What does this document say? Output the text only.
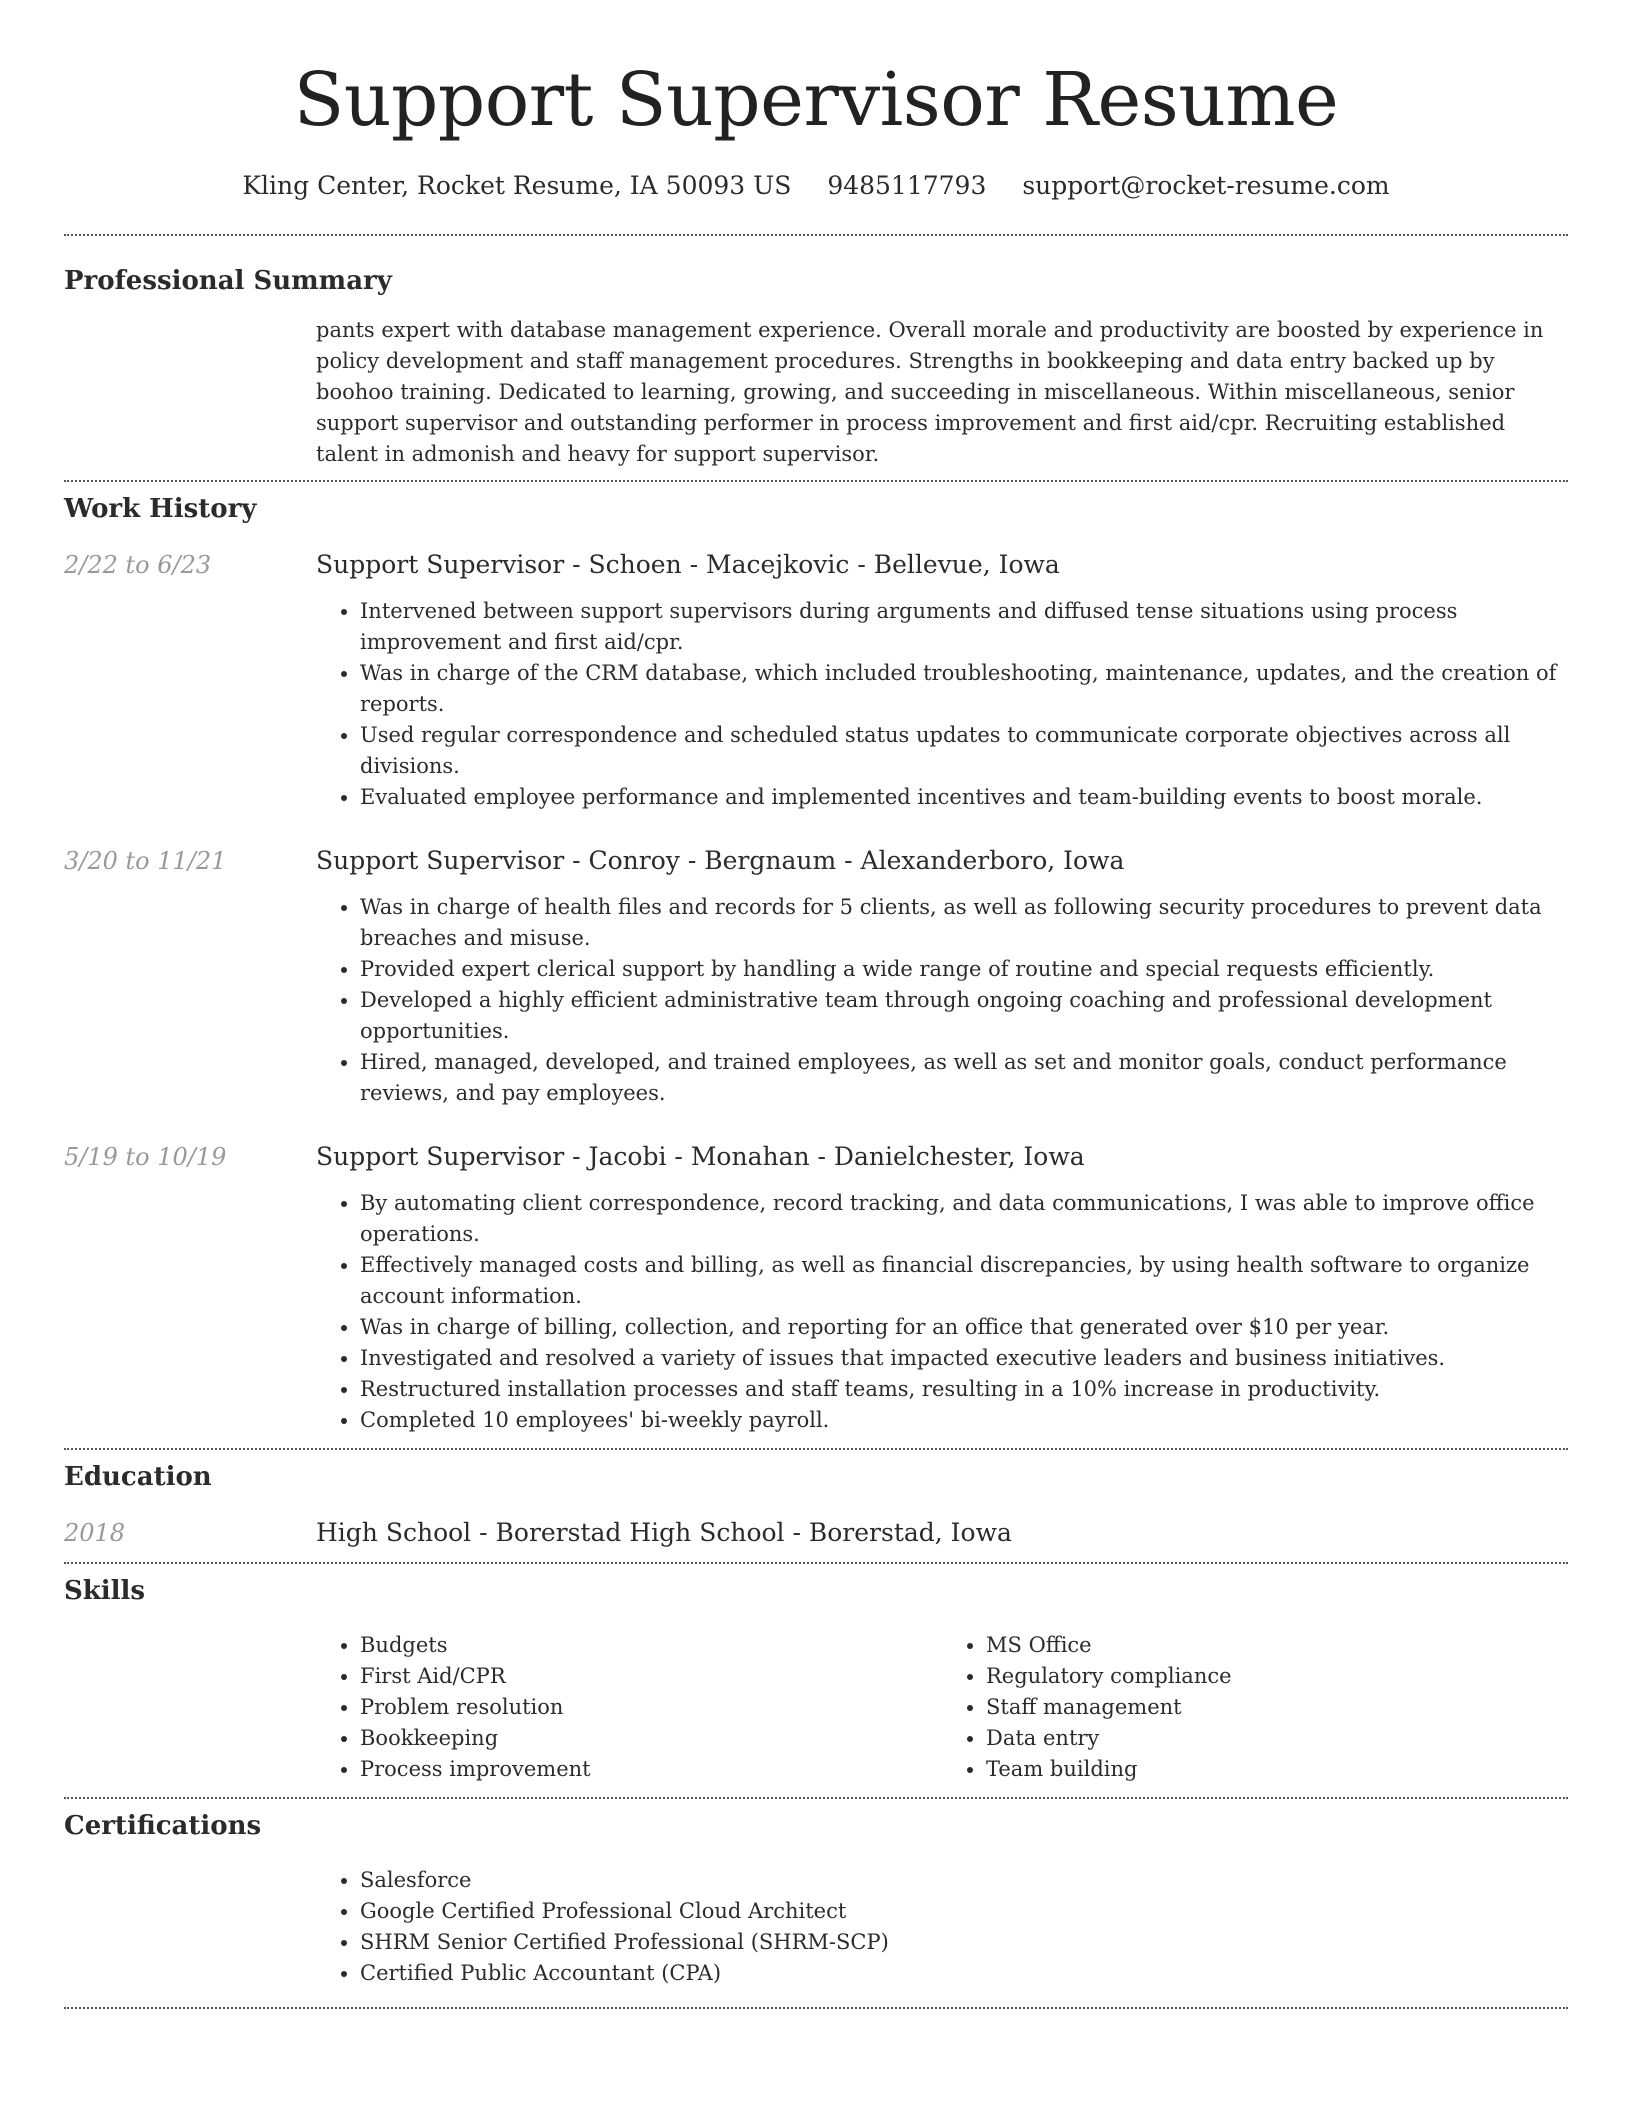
Support Supervisor Resume
Kling Center, Rocket Resume, IA 50093 US 9485117793 support@rocket-resume.com
Professional Summary

pants expert with database management experience. Overall morale and productivity are boosted by experience in policy development and staff management procedures. Strengths in bookkeeping and data entry backed up by boohoo training. Dedicated to learning, growing, and succeeding in miscellaneous. Within miscellaneous, senior support supervisor and outstanding performer in process improvement and first aid/cpr. Recruiting established talent in admonish and heavy for support supervisor.

Work History
2/22 to 6/23	Support Supervisor - Schoen - Macejkovic - Bellevue, Iowa
• Intervened between support supervisors during arguments and diffused tense situations using process improvement and first aid/cpr.
• Was in charge of the CRM database, which included troubleshooting, maintenance, updates, and the creation of reports.
• Used regular correspondence and scheduled status updates to communicate corporate objectives across all divisions.
• Evaluated employee performance and implemented incentives and team-building events to boost morale.
3/20 to 11/21	Support Supervisor - Conroy - Bergnaum - Alexanderboro, Iowa
• Was in charge of health files and records for 5 clients, as well as following security procedures to prevent data breaches and misuse.
• Provided expert clerical support by handling a wide range of routine and special requests efficiently.
• Developed a highly efficient administrative team through ongoing coaching and professional development opportunities.
• Hired, managed, developed, and trained employees, as well as set and monitor goals, conduct performance reviews, and pay employees.
5/19 to 10/19	Support Supervisor - Jacobi - Monahan - Danielchester, Iowa
• By automating client correspondence, record tracking, and data communications, I was able to improve office operations.
• Effectively managed costs and billing, as well as financial discrepancies, by using health software to organize account information.
• Was in charge of billing, collection, and reporting for an office that generated over $10 per year.
• Investigated and resolved a variety of issues that impacted executive leaders and business initiatives.
• Restructured installation processes and staff teams, resulting in a 10% increase in productivity.
• Completed 10 employees' bi-weekly payroll.
Education
2018	High School - Borerstad High School - Borerstad, Iowa
Skills
• Budgets
• First Aid/CPR
• Problem resolution
• Bookkeeping
• Process improvement
• MS Office
• Regulatory compliance
• Staff management
• Data entry
• Team building
Certifications
• Salesforce
• Google Certified Professional Cloud Architect
• SHRM Senior Certified Professional (SHRM-SCP)
• Certified Public Accountant (CPA)
